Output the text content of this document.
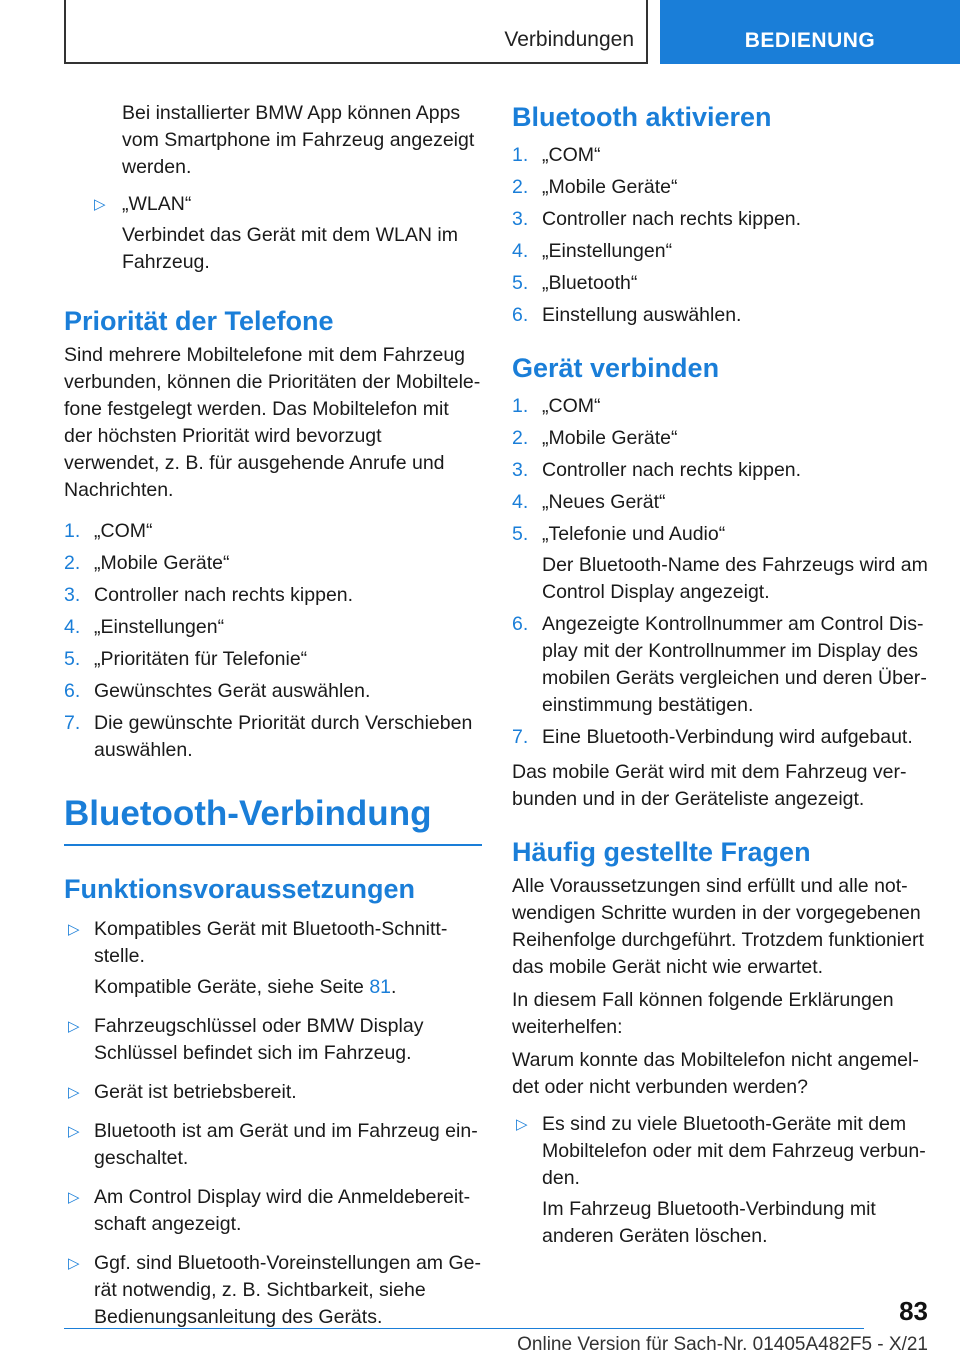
Verbindungen	BEDIENUNG

Bei installierter BMW App können Apps vom Smartphone im Fahrzeug angezeigt werden.

▷ „WLAN“
Verbindet das Gerät mit dem WLAN im Fahrzeug.
Priorität der Telefone

Sind mehrere Mobiltelefone mit dem Fahrzeug verbunden, können die Prioritäten der Mobiltelefone festgelegt werden. Das Mobiltelefon mit der höchsten Priorität wird bevorzugt verwendet, z. B. für ausgehende Anrufe und Nachrichten.

1. „COM“
2. „Mobile Geräte“
3. Controller nach rechts kippen.
4. „Einstellungen“
5. „Prioritäten für Telefonie“
6. Gewünschtes Gerät auswählen.
7. Die gewünschte Priorität durch Verschieben auswählen.
Bluetooth-Verbindung
Funktionsvoraussetzungen
▷ Kompatibles Gerät mit Bluetooth-Schnittstelle.
Kompatible Geräte, siehe Seite 81.
▷ Fahrzeugschlüssel oder BMW Display Schlüssel befindet sich im Fahrzeug.
▷ Gerät ist betriebsbereit.
▷ Bluetooth ist am Gerät und im Fahrzeug eingeschaltet.
▷ Am Control Display wird die Anmeldebereitschaft angezeigt.
▷ Ggf. sind Bluetooth-Voreinstellungen am Gerät notwendig, z. B. Sichtbarkeit, siehe Bedienungsanleitung des Geräts.
Bluetooth aktivieren
1. „COM“
2. „Mobile Geräte“
3. Controller nach rechts kippen.
4. „Einstellungen“
5. „Bluetooth“
6. Einstellung auswählen.
Gerät verbinden
1. „COM“
2. „Mobile Geräte“
3. Controller nach rechts kippen.
4. „Neues Gerät“
5. „Telefonie und Audio“
Der Bluetooth-Name des Fahrzeugs wird am Control Display angezeigt.
6. Angezeigte Kontrollnummer am Control Display mit der Kontrollnummer im Display des mobilen Geräts vergleichen und deren Übereinstimmung bestätigen.
7. Eine Bluetooth-Verbindung wird aufgebaut.

Das mobile Gerät wird mit dem Fahrzeug verbunden und in der Geräteliste angezeigt.

Häufig gestellte Fragen

Alle Voraussetzungen sind erfüllt und alle notwendigen Schritte wurden in der vorgegebenen Reihenfolge durchgeführt. Trotzdem funktioniert das mobile Gerät nicht wie erwartet.

In diesem Fall können folgende Erklärungen weiterhelfen:

Warum konnte das Mobiltelefon nicht angemeldet oder nicht verbunden werden?

▷ Es sind zu viele Bluetooth-Geräte mit dem Mobiltelefon oder mit dem Fahrzeug verbunden.
Im Fahrzeug Bluetooth-Verbindung mit anderen Geräten löschen.
83
Online Version für Sach-Nr. 01405A482F5 - X/21
